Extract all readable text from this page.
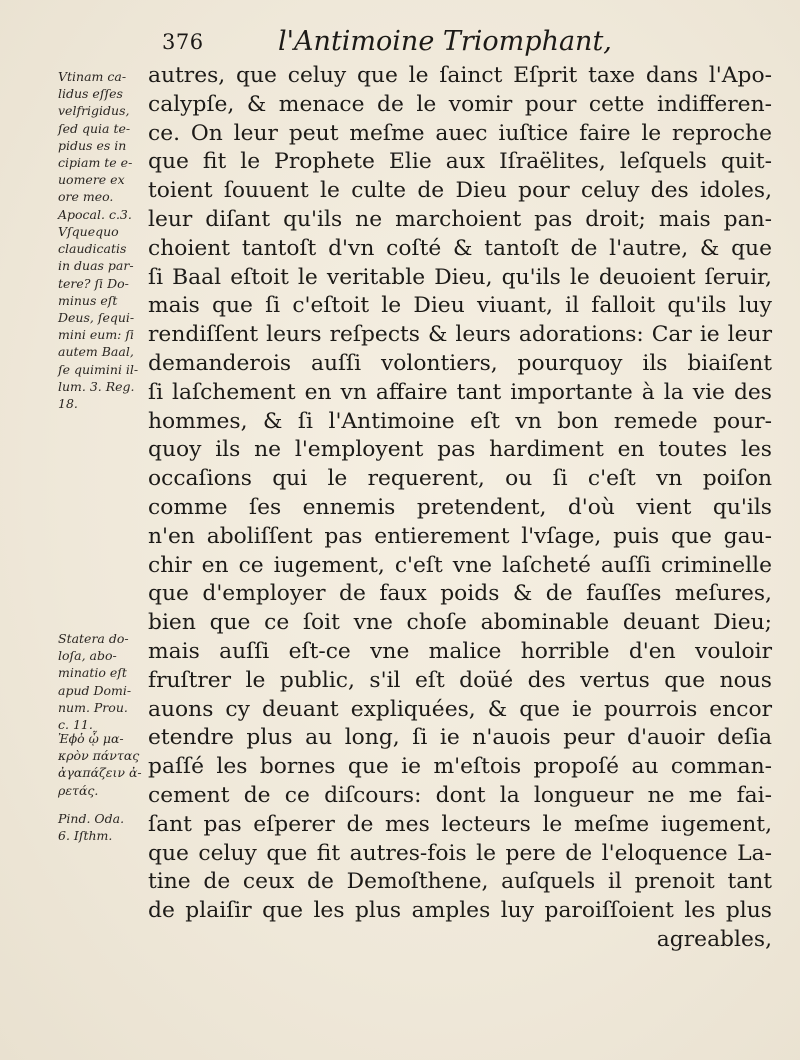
376	l'Antimoine Triomphant,
autres, que celuy que le ſainct Eſprit taxe dans l'Apo-
calypſe, & menace de le vomir pour cette indifferen-
ce. On leur peut meſme auec iuſtice faire le reproche
que fit le Prophete Elie aux Iſraëlites, leſquels quit-
toient ſouuent le culte de Dieu pour celuy des idoles,
leur diſant qu'ils ne marchoient pas droit; mais pan-
choient tantoſt d'vn coſté & tantoſt de l'autre, & que
ſi Baal eſtoit le veritable Dieu, qu'ils le deuoient ſeruir,
mais que ſi c'eſtoit le Dieu viuant, il falloit qu'ils luy
rendiſſent leurs reſpects & leurs adorations: Car ie leur
demanderois auſſi volontiers, pourquoy ils biaiſent
ſi laſchement en vn affaire tant importante à la vie des
hommes, & ſi l'Antimoine eſt vn bon remede pour-
quoy ils ne l'employent pas hardiment en toutes les
occaſions qui le requerent, ou ſi c'eſt vn poiſon
comme ſes ennemis pretendent, d'où vient qu'ils
n'en aboliſſent pas entierement l'vſage, puis que gau-
chir en ce iugement, c'eſt vne laſcheté auſſi criminelle
que d'employer de faux poids & de fauſſes meſures,
bien que ce ſoit vne choſe abominable deuant Dieu;
mais auſſi eſt-ce vne malice horrible d'en vouloir
fruſtrer le public, s'il eſt doüé des vertus que nous
auons cy deuant expliquées, & que ie pourrois encor
etendre plus au long, ſi ie n'auois peur d'auoir deſia
paſſé les bornes que ie m'eſtois propoſé au comman-
cement de ce diſcours: dont la longueur ne me fai-
ſant pas eſperer de mes lecteurs le meſme iugement,
que celuy que fit autres-fois le pere de l'eloquence La-
tine de ceux de Demoſthene, auſquels il prenoit tant
de plaiſir que les plus amples luy paroiſſoient les plus
agreables,
Vtinam ca-
lidus eſſes
velfrigidus,
ſed quia te-
pidus es in
cipiam te e-
uomere ex
ore meo.
Apocal. c.3.
Vſquequo
claudicatis
in duas par-
tere? ſi Do-
minus eſt
Deus, ſequi-
mini eum: ſi
autem Baal,
ſe quimini il-
lum. 3. Reg.
18.
Statera do-
loſa, abo-
minatio eſt
apud Domi-
num. Prou.
c. 11.
Ἐϕὁ ᾧ μα-
κρὸν πάντας
ἀγαπάζειν ἀ-
ρετάς.
Pind. Oda.
6. Iſthm.
